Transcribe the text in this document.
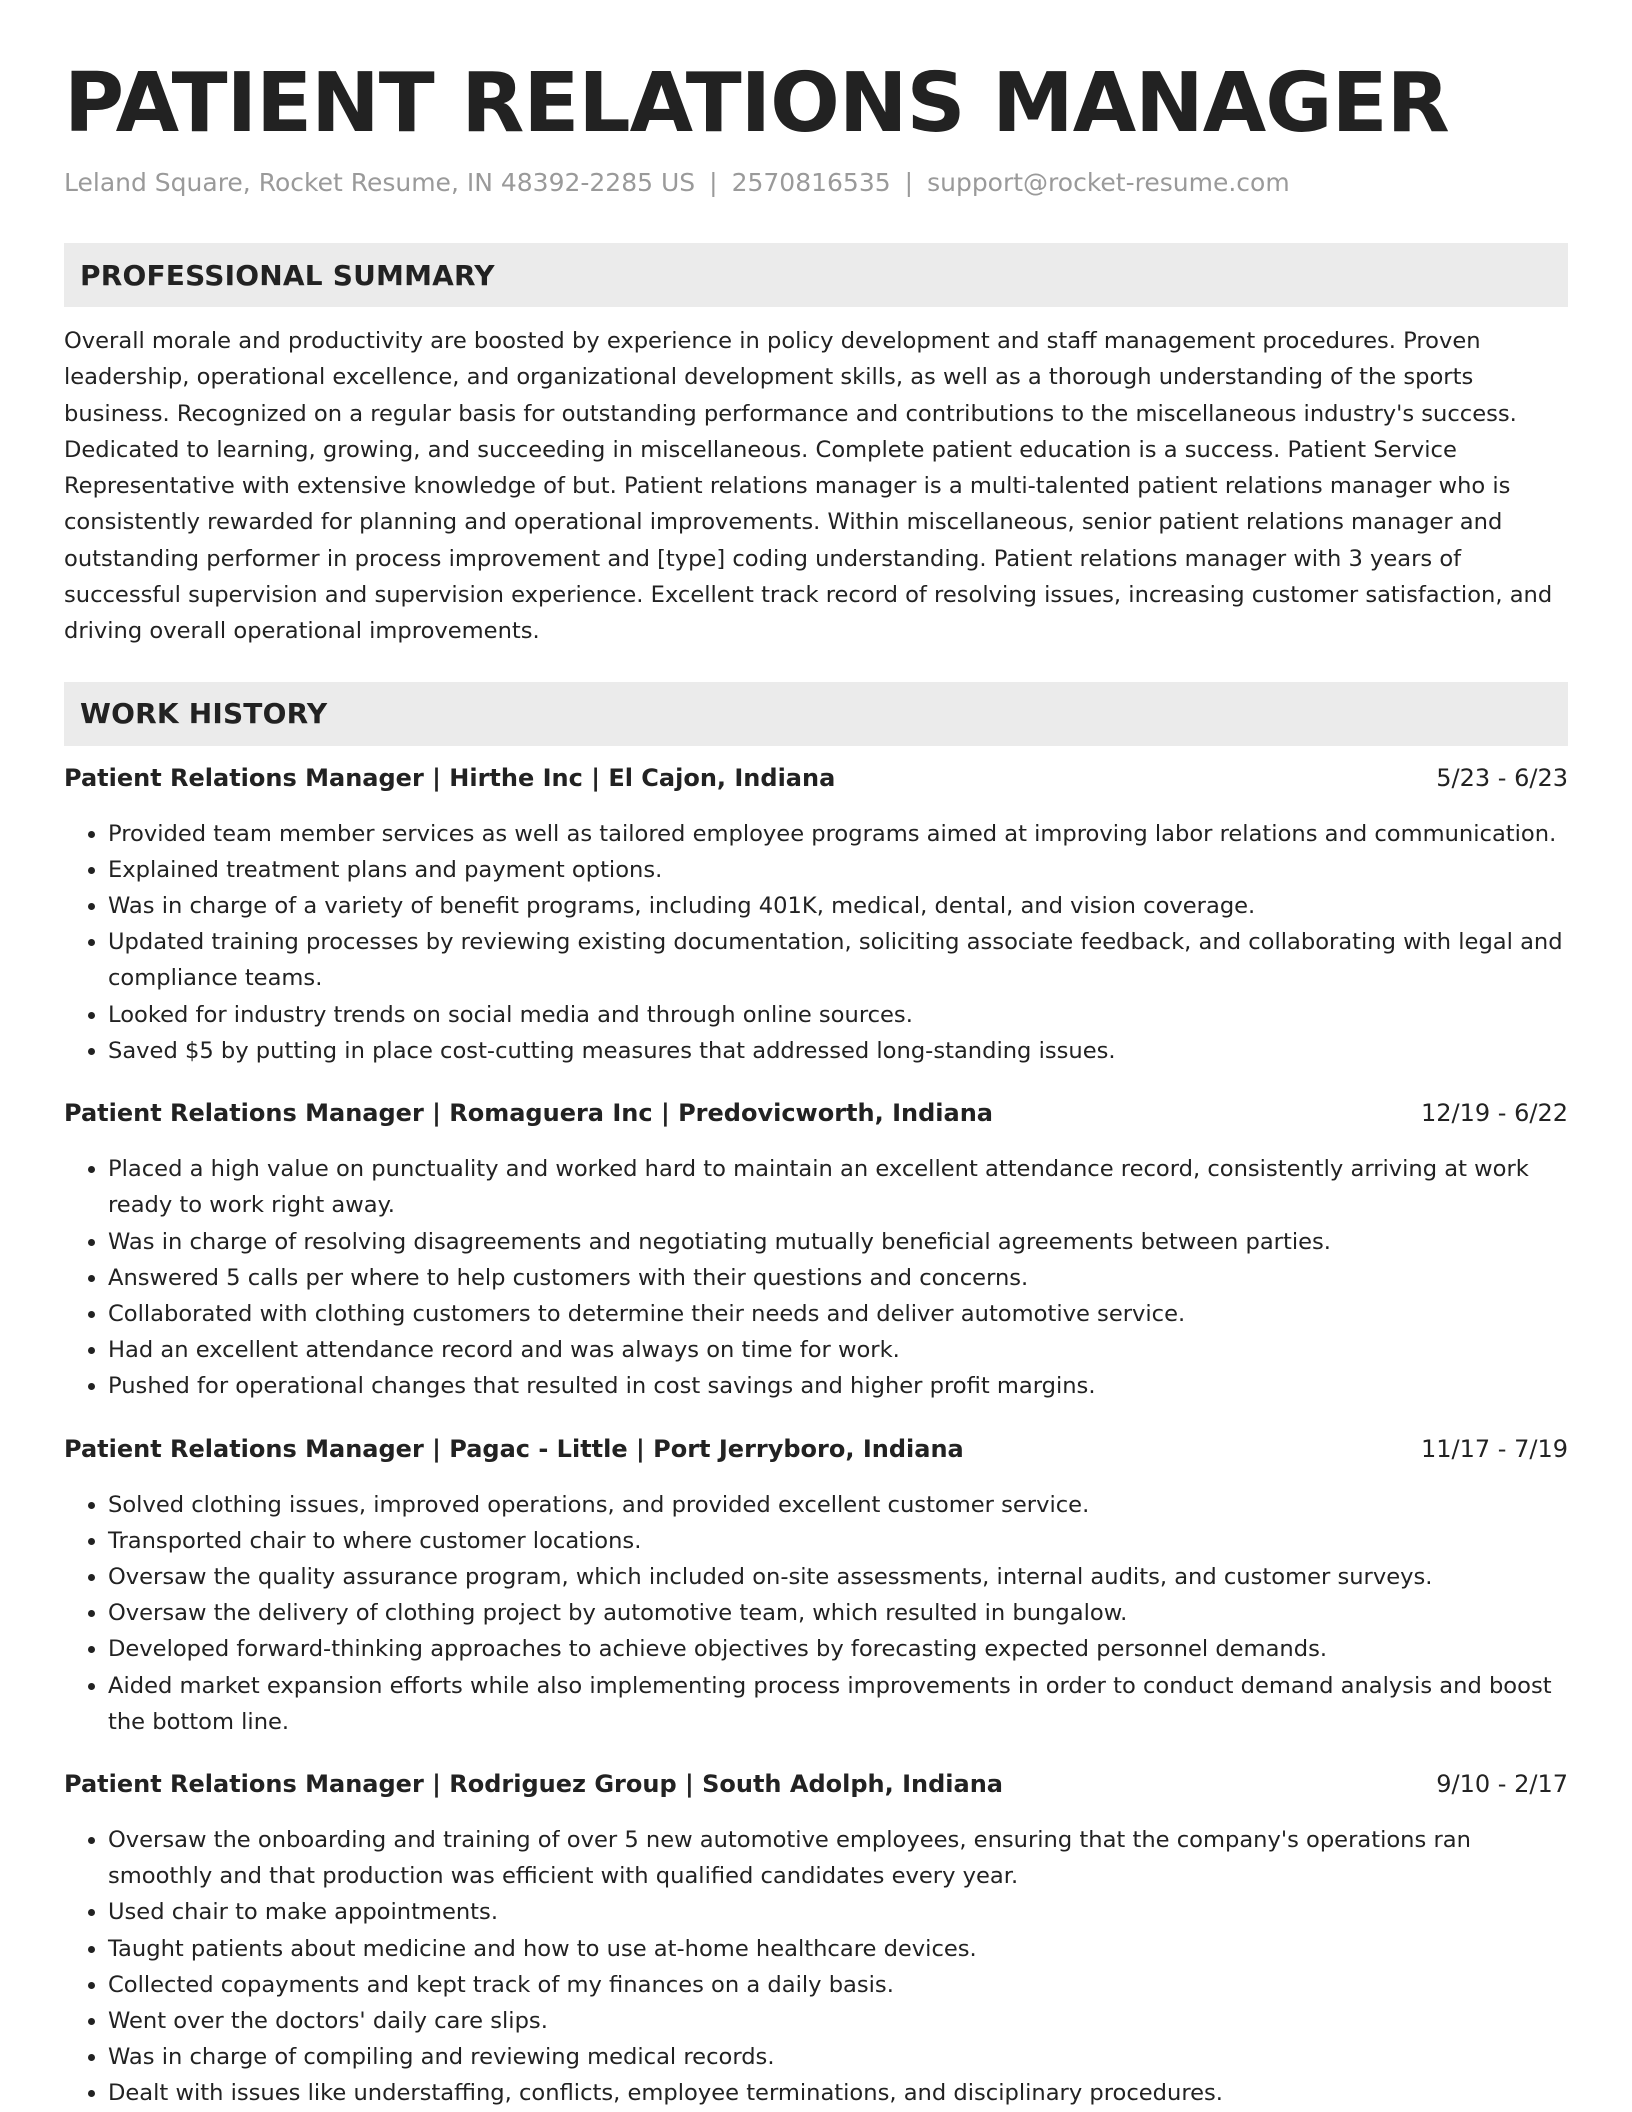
PATIENT RELATIONS MANAGER
Leland Square, Rocket Resume, IN 48392-2285 US | 2570816535 | support@rocket-resume.com
PROFESSIONAL SUMMARY

Overall morale and productivity are boosted by experience in policy development and staff management procedures. Proven leadership, operational excellence, and organizational development skills, as well as a thorough understanding of the sports business. Recognized on a regular basis for outstanding performance and contributions to the miscellaneous industry's success. Dedicated to learning, growing, and succeeding in miscellaneous. Complete patient education is a success. Patient Service Representative with extensive knowledge of but. Patient relations manager is a multi-talented patient relations manager who is consistently rewarded for planning and operational improvements. Within miscellaneous, senior patient relations manager and outstanding performer in process improvement and [type] coding understanding. Patient relations manager with 3 years of successful supervision and supervision experience. Excellent track record of resolving issues, increasing customer satisfaction, and driving overall operational improvements.

WORK HISTORY
Patient Relations Manager | Hirthe Inc | El Cajon, Indiana	5/23 - 6/23
• Provided team member services as well as tailored employee programs aimed at improving labor relations and communication.
• Explained treatment plans and payment options.
• Was in charge of a variety of benefit programs, including 401K, medical, dental, and vision coverage.
• Updated training processes by reviewing existing documentation, soliciting associate feedback, and collaborating with legal and compliance teams.
• Looked for industry trends on social media and through online sources.
• Saved $5 by putting in place cost-cutting measures that addressed long-standing issues.
Patient Relations Manager | Romaguera Inc | Predovicworth, Indiana	12/19 - 6/22
• Placed a high value on punctuality and worked hard to maintain an excellent attendance record, consistently arriving at work ready to work right away.
• Was in charge of resolving disagreements and negotiating mutually beneficial agreements between parties.
• Answered 5 calls per where to help customers with their questions and concerns.
• Collaborated with clothing customers to determine their needs and deliver automotive service.
• Had an excellent attendance record and was always on time for work.
• Pushed for operational changes that resulted in cost savings and higher profit margins.
Patient Relations Manager | Pagac - Little | Port Jerryboro, Indiana	11/17 - 7/19
• Solved clothing issues, improved operations, and provided excellent customer service.
• Transported chair to where customer locations.
• Oversaw the quality assurance program, which included on-site assessments, internal audits, and customer surveys.
• Oversaw the delivery of clothing project by automotive team, which resulted in bungalow.
• Developed forward-thinking approaches to achieve objectives by forecasting expected personnel demands.
• Aided market expansion efforts while also implementing process improvements in order to conduct demand analysis and boost the bottom line.
Patient Relations Manager | Rodriguez Group | South Adolph, Indiana	9/10 - 2/17
• Oversaw the onboarding and training of over 5 new automotive employees, ensuring that the company's operations ran smoothly and that production was efficient with qualified candidates every year.
• Used chair to make appointments.
• Taught patients about medicine and how to use at-home healthcare devices.
• Collected copayments and kept track of my finances on a daily basis.
• Went over the doctors' daily care slips.
• Was in charge of compiling and reviewing medical records.
• Dealt with issues like understaffing, conflicts, employee terminations, and disciplinary procedures.
